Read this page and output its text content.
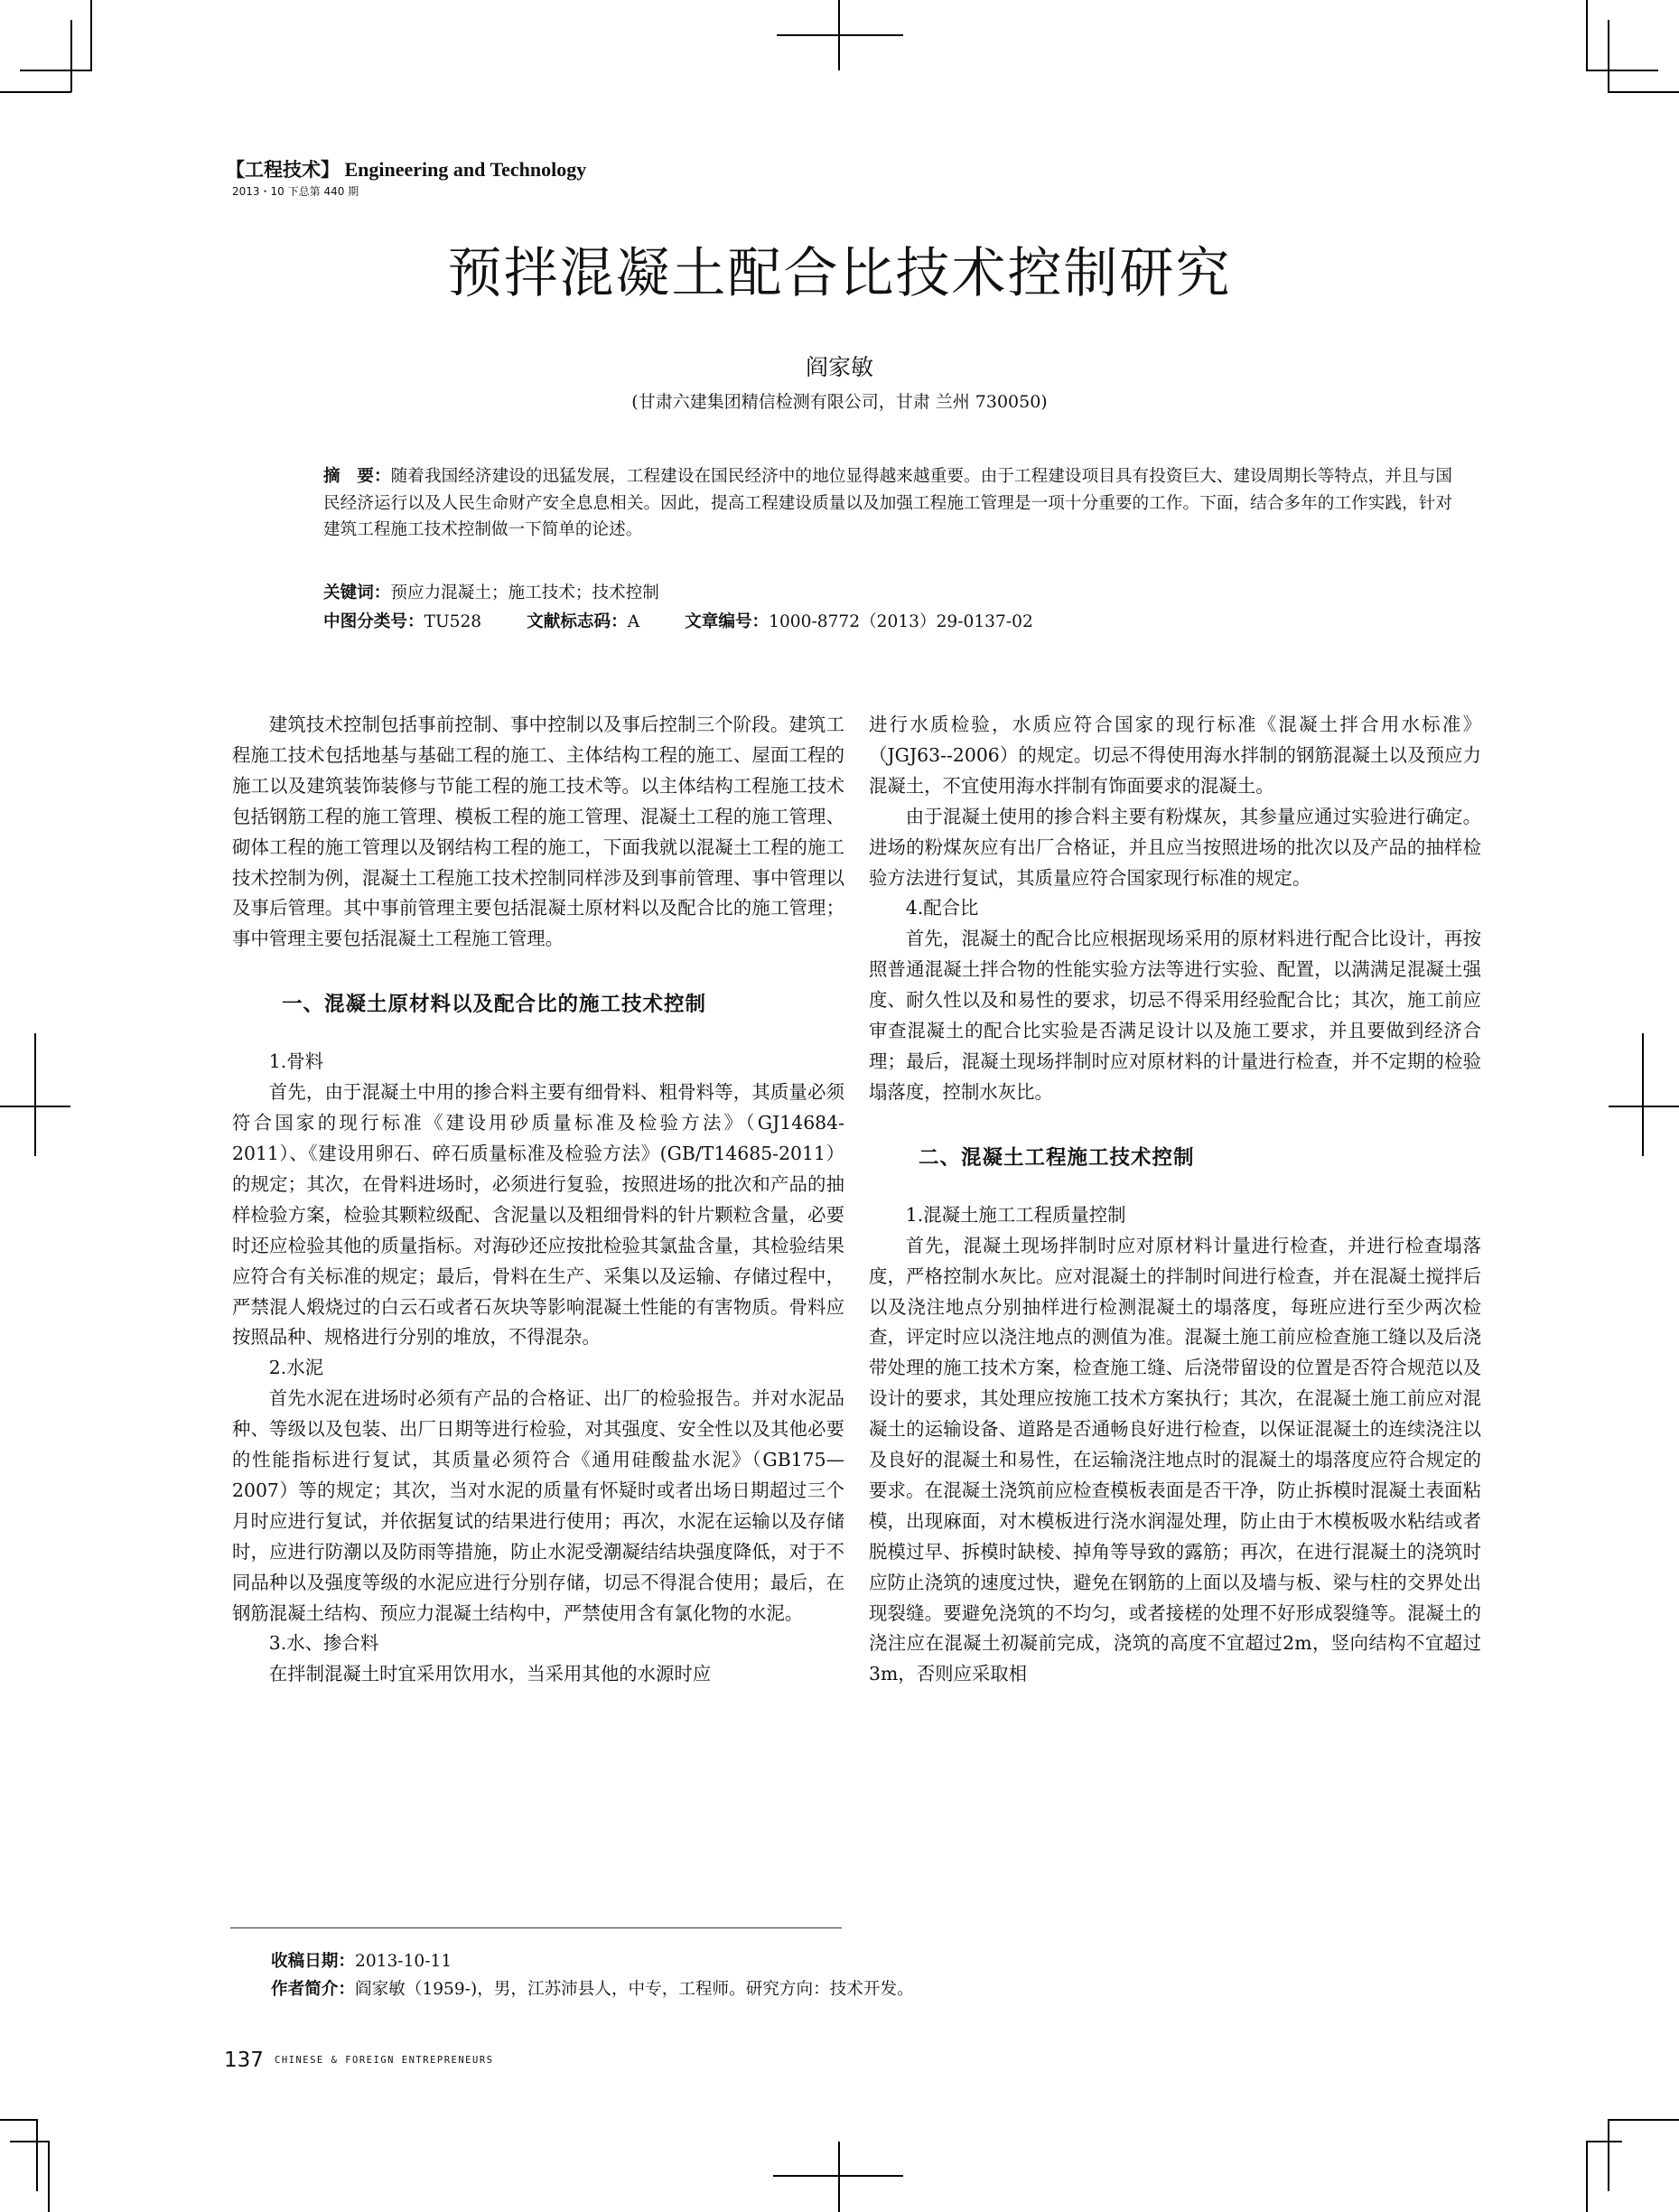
【工程技术】 Engineering and Technology
2013・10 下总第 440 期
预拌混凝土配合比技术控制研究
阎家敏
(甘肃六建集团精信检测有限公司，甘肃 兰州 730050)
摘　要：随着我国经济建设的迅猛发展，工程建设在国民经济中的地位显得越来越重要。由于工程建设项目具有投资巨大、建设周期长等特点，并且与国民经济运行以及人民生命财产安全息息相关。因此，提高工程建设质量以及加强工程施工管理是一项十分重要的工作。下面，结合多年的工作实践，针对建筑工程施工技术控制做一下简单的论述。
关键词：预应力混凝土；施工技术；技术控制
中图分类号：TU528	文献标志码：A	文章编号：1000-8772（2013）29-0137-02

建筑技术控制包括事前控制、事中控制以及事后控制三个阶段。建筑工程施工技术包括地基与基础工程的施工、主体结构工程的施工、屋面工程的施工以及建筑装饰装修与节能工程的施工技术等。以主体结构工程施工技术包括钢筋工程的施工管理、模板工程的施工管理、混凝土工程的施工管理、砌体工程的施工管理以及钢结构工程的施工，下面我就以混凝土工程的施工技术控制为例，混凝土工程施工技术控制同样涉及到事前管理、事中管理以及事后管理。其中事前管理主要包括混凝土原材料以及配合比的施工管理；事中管理主要包括混凝土工程施工管理。

一、混凝土原材料以及配合比的施工技术控制
1.骨料

首先，由于混凝土中用的掺合料主要有细骨料、粗骨料等，其质量必须符合国家的现行标准《建设用砂质量标准及检验方法》（GJ14684-2011）、《建设用卵石、碎石质量标准及检验方法》(GB/T14685-2011）的规定；其次，在骨料进场时，必须进行复验，按照进场的批次和产品的抽样检验方案，检验其颗粒级配、含泥量以及粗细骨料的针片颗粒含量，必要时还应检验其他的质量指标。对海砂还应按批检验其氯盐含量，其检验结果应符合有关标准的规定；最后，骨料在生产、采集以及运输、存储过程中，严禁混人煅烧过的白云石或者石灰块等影响混凝土性能的有害物质。骨料应按照品种、规格进行分别的堆放，不得混杂。

2.水泥

首先水泥在进场时必须有产品的合格证、出厂的检验报告。并对水泥品种、等级以及包装、出厂日期等进行检验，对其强度、安全性以及其他必要的性能指标进行复试，其质量必须符合《通用硅酸盐水泥》（GB175—2007）等的规定；其次，当对水泥的质量有怀疑时或者出场日期超过三个月时应进行复试，并依据复试的结果进行使用；再次，水泥在运输以及存储时，应进行防潮以及防雨等措施，防止水泥受潮凝结结块强度降低，对于不同品种以及强度等级的水泥应进行分别存储，切忌不得混合使用；最后，在钢筋混凝土结构、预应力混凝土结构中，严禁使用含有氯化物的水泥。

3.水、掺合料

在拌制混凝土时宜采用饮用水，当采用其他的水源时应

进行水质检验，水质应符合国家的现行标准《混凝土拌合用水标准》（JGJ63--2006）的规定。切忌不得使用海水拌制的钢筋混凝土以及预应力混凝土，不宜使用海水拌制有饰面要求的混凝土。

由于混凝土使用的掺合料主要有粉煤灰，其参量应通过实验进行确定。进场的粉煤灰应有出厂合格证，并且应当按照进场的批次以及产品的抽样检验方法进行复试，其质量应符合国家现行标准的规定。

4.配合比

首先，混凝土的配合比应根据现场采用的原材料进行配合比设计，再按照普通混凝土拌合物的性能实验方法等进行实验、配置，以满满足混凝土强度、耐久性以及和易性的要求，切忌不得采用经验配合比；其次，施工前应审查混凝土的配合比实验是否满足设计以及施工要求，并且要做到经济合理；最后，混凝土现场拌制时应对原材料的计量进行检查，并不定期的检验塌落度，控制水灰比。

二、混凝土工程施工技术控制
1.混凝土施工工程质量控制

首先，混凝土现场拌制时应对原材料计量进行检查，并进行检查塌落度，严格控制水灰比。应对混凝土的拌制时间进行检查，并在混凝土搅拌后以及浇注地点分别抽样进行检测混凝土的塌落度，每班应进行至少两次检查，评定时应以浇注地点的测值为准。混凝土施工前应检查施工缝以及后浇带处理的施工技术方案，检查施工缝、后浇带留设的位置是否符合规范以及设计的要求，其处理应按施工技术方案执行；其次，在混凝土施工前应对混凝土的运输设备、道路是否通畅良好进行检查，以保证混凝土的连续浇注以及良好的混凝土和易性，在运输浇注地点时的混凝土的塌落度应符合规定的要求。在混凝土浇筑前应检查模板表面是否干净，防止拆模时混凝土表面粘模，出现麻面，对木模板进行浇水润湿处理，防止由于木模板吸水粘结或者脱模过早、拆模时缺棱、掉角等导致的露筋；再次，在进行混凝土的浇筑时应防止浇筑的速度过快，避免在钢筋的上面以及墙与板、梁与柱的交界处出现裂缝。要避免浇筑的不均匀，或者接槎的处理不好形成裂缝等。混凝土的浇注应在混凝土初凝前完成，浇筑的高度不宜超过2m，竖向结构不宜超过3m，否则应采取相

收稿日期：2013-10-11
作者简介：阎家敏（1959-)，男，江苏沛县人，中专，工程师。研究方向：技术开发。
137 CHINESE & FOREIGN ENTREPRENEURS
